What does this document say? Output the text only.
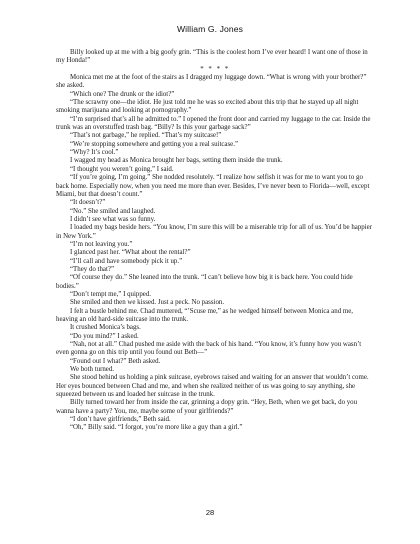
William G. Jones

Billy looked up at me with a big goofy grin. “This is the coolest horn I’ve ever heard! I want one of those in my Honda!”

* * * *

Monica met me at the foot of the stairs as I dragged my luggage down. “What is wrong with your brother?” she asked.

“Which one? The drunk or the idiot?”

“The scrawny one—the idiot. He just told me he was so excited about this trip that he stayed up all night smoking marijuana and looking at pornography.”

“I’m surprised that’s all he admitted to.” I opened the front door and carried my luggage to the car. Inside the trunk was an overstuffed trash bag. “Billy? Is this your garbage sack?”

“That’s not garbage,” he replied. “That’s my suitcase!”

“We’re stopping somewhere and getting you a real suitcase.”

“Why? It’s cool.”

I wagged my head as Monica brought her bags, setting them inside the trunk.

“I thought you weren’t going,” I said.

“If you’re going, I’m going.” She nodded resolutely. “I realize how selfish it was for me to want you to go back home. Especially now, when you need me more than ever. Besides, I’ve never been to Florida—well, except Miami, but that doesn’t count.”

“It doesn’t?”

“No.” She smiled and laughed.

I didn’t see what was so funny.

I loaded my bags beside hers. “You know, I’m sure this will be a miserable trip for all of us. You’d be happier in New York.”

“I’m not leaving you.”

I glanced past her. “What about the rental?”

“I’ll call and have somebody pick it up.”

“They do that?”

“Of course they do.” She leaned into the trunk. “I can’t believe how big it is back here. You could hide bodies.”

“Don’t tempt me,” I quipped.

She smiled and then we kissed. Just a peck. No passion.

I felt a bustle behind me. Chad muttered, “’Scuse me,” as he wedged himself between Monica and me, heaving an old hard-side suitcase into the trunk.

It crushed Monica’s bags.

“Do you mind?” I asked.

“Nah, not at all.” Chad pushed me aside with the back of his hand. “You know, it’s funny how you wasn’t even gonna go on this trip until you found out Beth—”

“Found out I what?” Beth asked.

We both turned.

She stood behind us holding a pink suitcase, eyebrows raised and waiting for an answer that wouldn’t come. Her eyes bounced between Chad and me, and when she realized neither of us was going to say anything, she squeezed between us and loaded her suitcase in the trunk.

Billy turned toward her from inside the car, grinning a dopy grin. “Hey, Beth, when we get back, do you wanna have a party? You, me, maybe some of your girlfriends?”

“I don’t have girlfriends,” Beth said.

“Oh,” Billy said. “I forgot, you’re more like a guy than a girl.”

28
